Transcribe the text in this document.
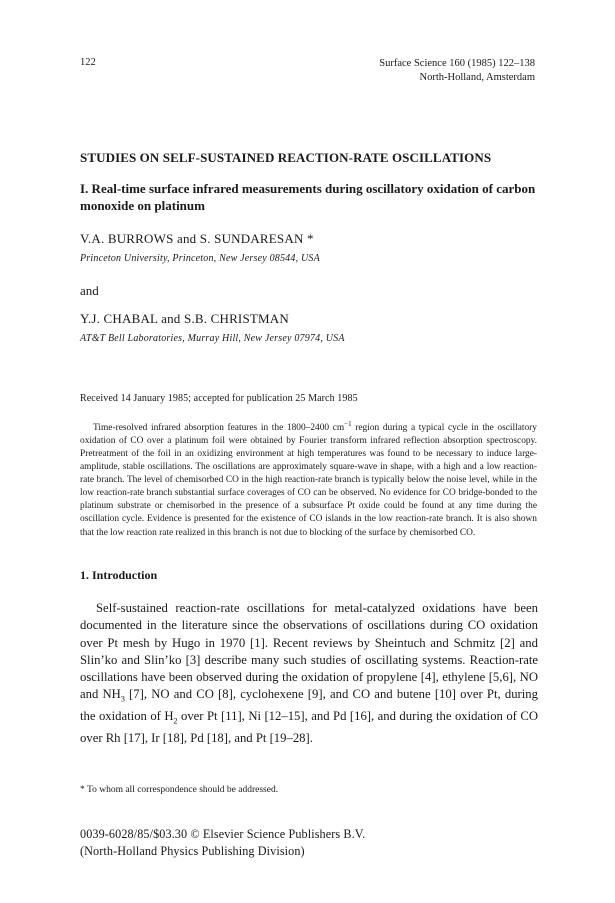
122	Surface Science 160 (1985) 122–138
North-Holland, Amsterdam
STUDIES ON SELF-SUSTAINED REACTION-RATE OSCILLATIONS
I. Real-time surface infrared measurements during oscillatory oxidation of carbon monoxide on platinum
V.A. BURROWS and S. SUNDARESAN *
Princeton University, Princeton, New Jersey 08544, USA
and
Y.J. CHABAL and S.B. CHRISTMAN
AT&T Bell Laboratories, Murray Hill, New Jersey 07974, USA
Received 14 January 1985; accepted for publication 25 March 1985
Time-resolved infrared absorption features in the 1800–2400 $cm^{-1}$ region during a typical cycle in the oscillatory oxidation of CO over a platinum foil were obtained by Fourier transform infrared reflection absorption spectroscopy. Pretreatment of the foil in an oxidizing environment at high temperatures was found to be necessary to induce large-amplitude, stable oscillations. The oscillations are approximately square-wave in shape, with a high and a low reaction-rate branch. The level of chemisorbed CO in the high reaction-rate branch is typically below the noise level, while in the low reaction-rate branch substantial surface coverages of CO can be observed. No evidence for CO bridge-bonded to the platinum substrate or chemisorbed in the presence of a subsurface Pt oxide could be found at any time during the oscillation cycle. Evidence is presented for the existence of CO islands in the low reaction-rate branch. It is also shown that the low reaction rate realized in this branch is not due to blocking of the surface by chemisorbed CO.
1. Introduction
Self-sustained reaction-rate oscillations for metal-catalyzed oxidations have been documented in the literature since the observations of oscillations during CO oxidation over Pt mesh by Hugo in 1970 [1]. Recent reviews by Sheintuch and Schmitz [2] and Slin’ko and Slin’ko [3] describe many such studies of oscillating systems. Reaction-rate oscillations have been observed during the oxidation of propylene [4], ethylene [5,6], NO and $NH_3$ [7], NO and CO [8], cyclohexene [9], and CO and butene [10] over Pt, during the oxidation of $H_2$ over Pt [11], Ni [12–15], and Pd [16], and during the oxidation of CO over Rh [17], Ir [18], Pd [18], and Pt [19–28].
* To whom all correspondence should be addressed.
0039-6028/85/$03.30 © Elsevier Science Publishers B.V.
(North-Holland Physics Publishing Division)
